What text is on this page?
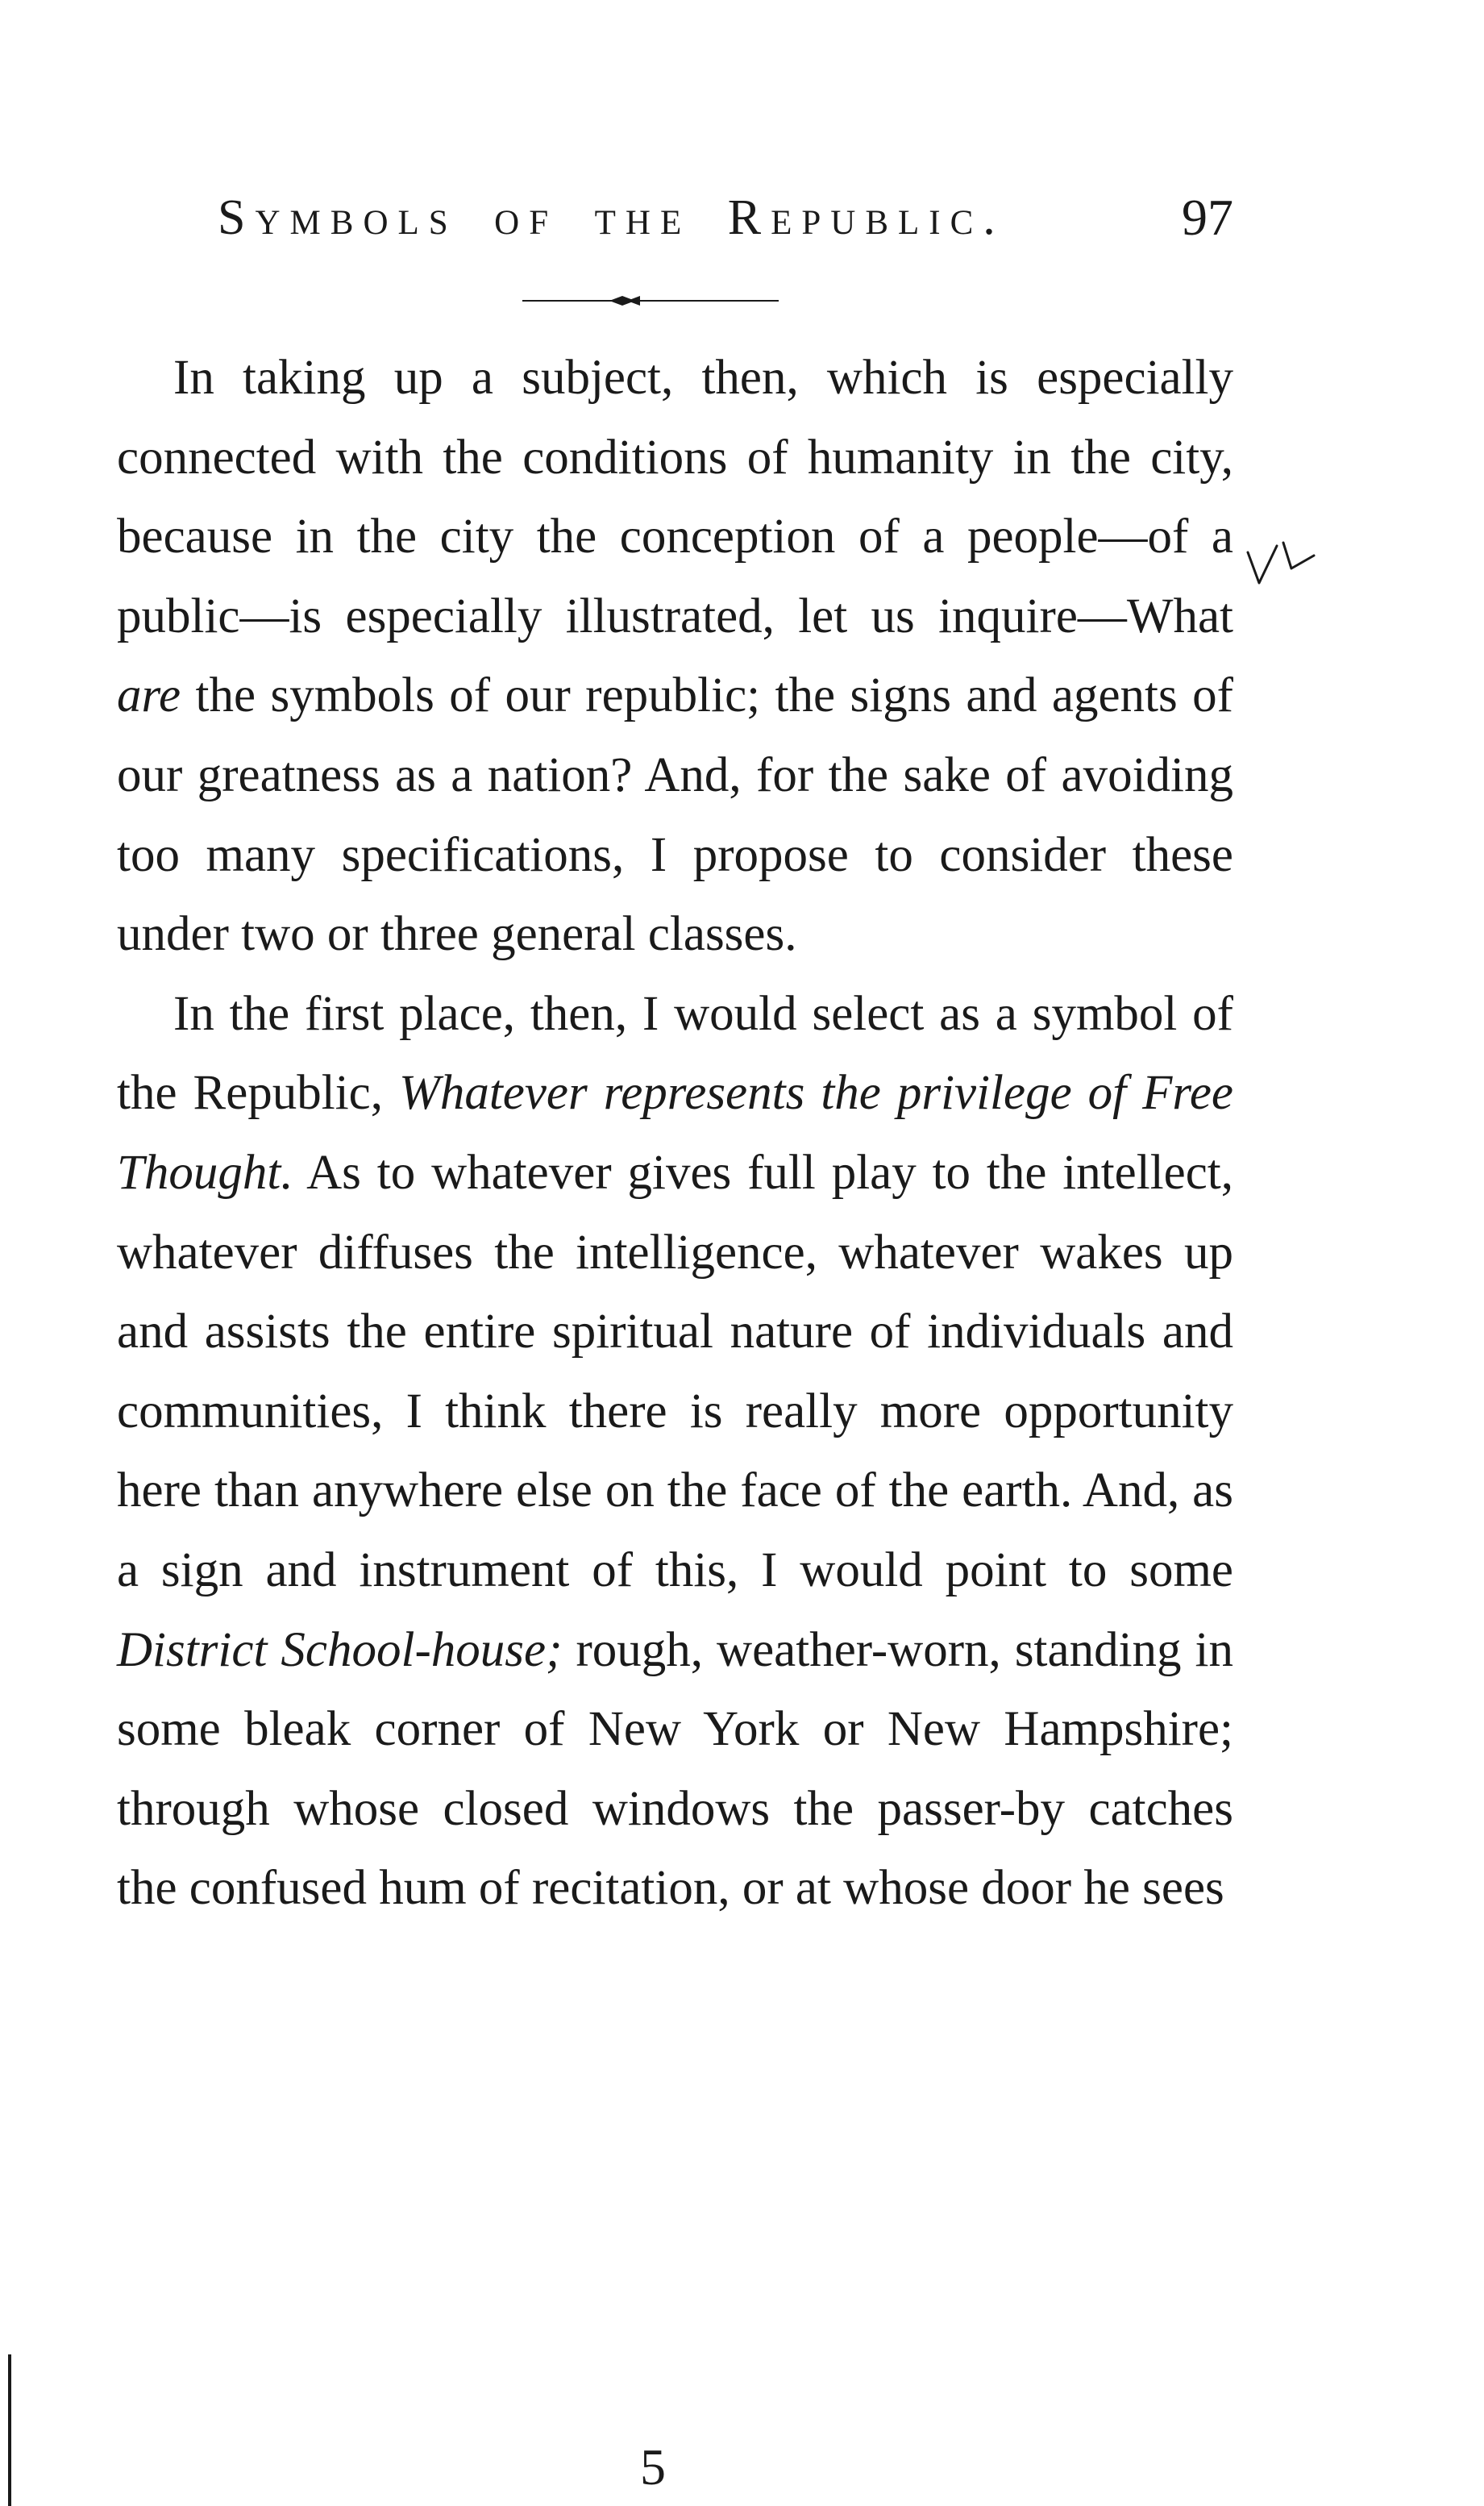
Symbols of the Republic.	97

In taking up a subject, then, which is especially connected with the conditions of humanity in the city, because in the city the conception of a people—of a public—is especially illustrated, let us inquire—What are the symbols of our republic; the signs and agents of our greatness as a nation? And, for the sake of avoiding too many specifications, I propose to consider these under two or three general classes.

In the first place, then, I would select as a symbol of the Republic, Whatever represents the privilege of Free Thought. As to whatever gives full play to the intellect, whatever diffuses the intelligence, whatever wakes up and assists the entire spiritual nature of individuals and communities, I think there is really more opportunity here than anywhere else on the face of the earth. And, as a sign and instrument of this, I would point to some District School-house; rough, weather-worn, standing in some bleak corner of New York or New Hampshire; through whose closed windows the passer-by catches the confused hum of recitation, or at whose door he sees

5
